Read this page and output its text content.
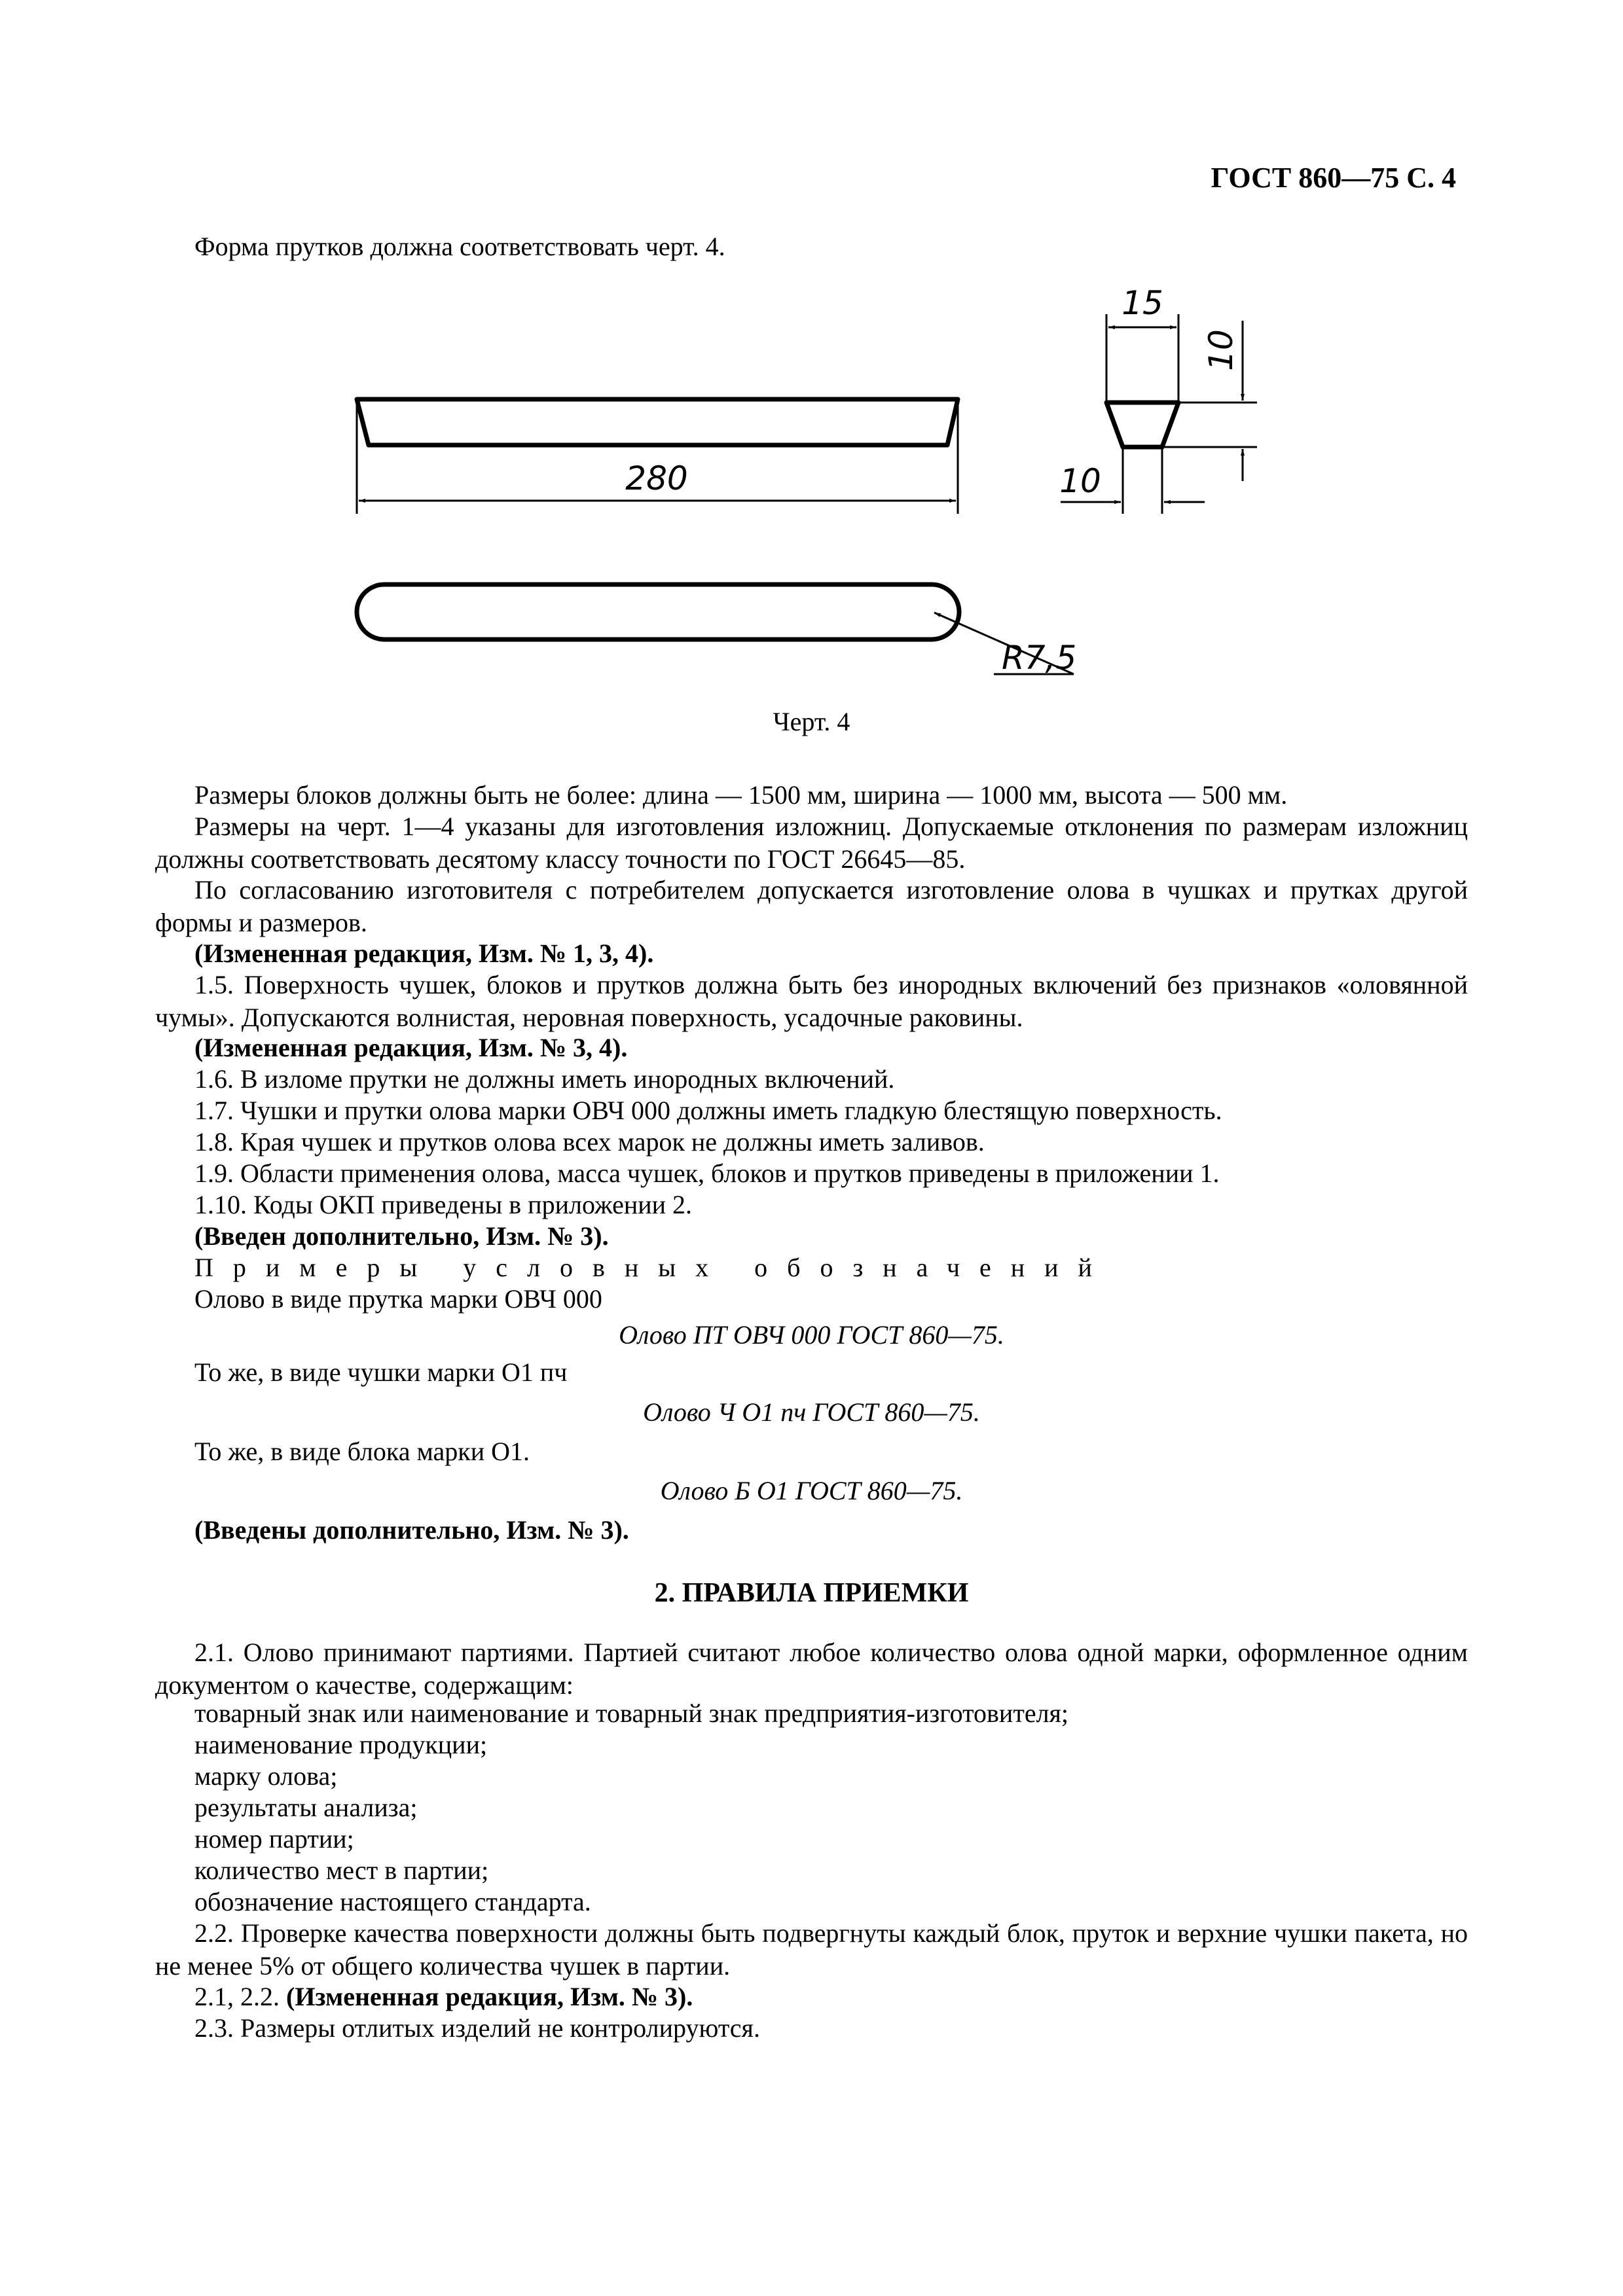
ГОСТ 860—75 С. 4
Форма прутков должна соответствовать черт. 4.
280
15
10
10
R7,5
Черт. 4
Размеры блоков должны быть не более: длина — 1500 мм, ширина — 1000 мм, высота — 500 мм.
Размеры на черт. 1—4 указаны для изготовления изложниц. Допускаемые отклонения по размерам изложниц должны соответствовать десятому классу точности по ГОСТ 26645—85.
По согласованию изготовителя с потребителем допускается изготовление олова в чушках и прутках другой формы и размеров.
(Измененная редакция, Изм. № 1, 3, 4).
1.5. Поверхность чушек, блоков и прутков должна быть без инородных включений без признаков «оловянной чумы». Допускаются волнистая, неровная поверхность, усадочные раковины.
(Измененная редакция, Изм. № 3, 4).
1.6. В изломе прутки не должны иметь инородных включений.
1.7. Чушки и прутки олова марки ОВЧ 000 должны иметь гладкую блестящую поверхность.
1.8. Края чушек и прутков олова всех марок не должны иметь заливов.
1.9. Области применения олова, масса чушек, блоков и прутков приведены в приложении 1.
1.10. Коды ОКП приведены в приложении 2.
(Введен дополнительно, Изм. № 3).
Примеры условных обозначений
Олово в виде прутка марки ОВЧ 000
Олово ПТ ОВЧ 000 ГОСТ 860—75.
То же, в виде чушки марки О1 пч
Олово Ч О1 пч ГОСТ 860—75.
То же, в виде блока марки О1.
Олово Б О1 ГОСТ 860—75.
(Введены дополнительно, Изм. № 3).
2. ПРАВИЛА ПРИЕМКИ
2.1. Олово принимают партиями. Партией считают любое количество олова одной марки, оформленное одним документом о качестве, содержащим:
товарный знак или наименование и товарный знак предприятия-изготовителя;
наименование продукции;
марку олова;
результаты анализа;
номер партии;
количество мест в партии;
обозначение настоящего стандарта.
2.2. Проверке качества поверхности должны быть подвергнуты каждый блок, пруток и верхние чушки пакета, но не менее 5% от общего количества чушек в партии.
2.1, 2.2. (Измененная редакция, Изм. № 3).
2.3. Размеры отлитых изделий не контролируются.
